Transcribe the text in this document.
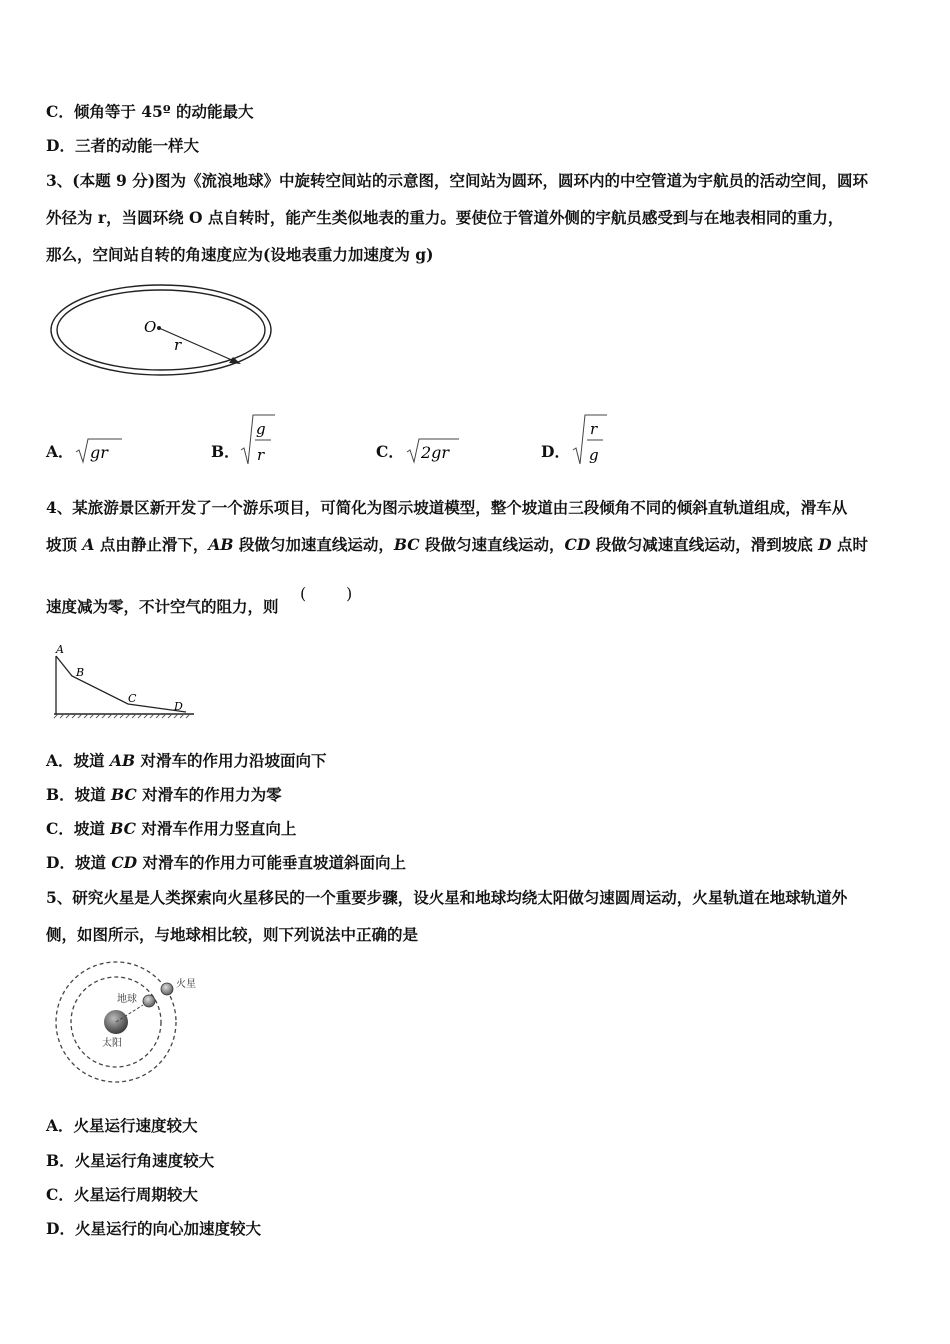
C．倾角等于 45º 的动能最大
D．三者的动能一样大
3、(本题 9 分)图为《流浪地球》中旋转空间站的示意图，空间站为圆环，圆环内的中空管道为宇航员的活动空间，圆环
外径为 r，当圆环绕 O 点自转时，能产生类似地表的重力。要使位于管道外侧的宇航员感受到与在地表相同的重力，
那么，空间站自转的角速度应为(设地表重力加速度为 g)
O
r
A． gr	B．
g
r	C． 2gr	D．
r
g
4、某旅游景区新开发了一个游乐项目，可简化为图示坡道模型，整个坡道由三段倾角不同的倾斜直轨道组成，滑车从
坡顶 A 点由静止滑下，AB 段做匀加速直线运动，BC 段做匀速直线运动，CD 段做匀减速直线运动，滑到坡底 D 点时
速度减为零，不计空气的阻力，则
( )
A
B
C
D
A．坡道 AB 对滑车的作用力沿坡面向下
B．坡道 BC 对滑车的作用力为零
C．坡道 BC 对滑车作用力竖直向上
D．坡道 CD 对滑车的作用力可能垂直坡道斜面向上
5、研究火星是人类探索向火星移民的一个重要步骤，设火星和地球均绕太阳做匀速圆周运动，火星轨道在地球轨道外
侧，如图所示，与地球相比较，则下列说法中正确的是
太阳
地球
火星
A．火星运行速度较大
B．火星运行角速度较大
C．火星运行周期较大
D．火星运行的向心加速度较大
